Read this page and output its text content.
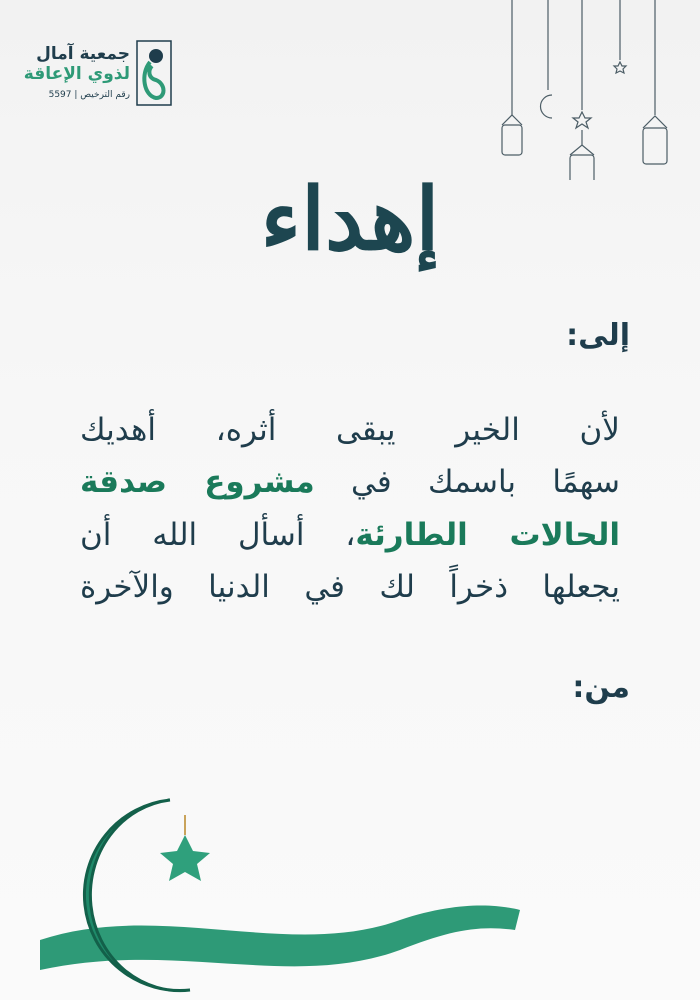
جمعية آمال
لذوي الإعاقة
رقم الترخيص | 5597
إهداء
إلى:
لأن الخير يبقى أثره، أهديك
سهمًا باسمك في مشروع صدقة
الحالات الطارئة، أسأل الله أن
يجعلها ذخراً لك في الدنيا والآخرة
من:
